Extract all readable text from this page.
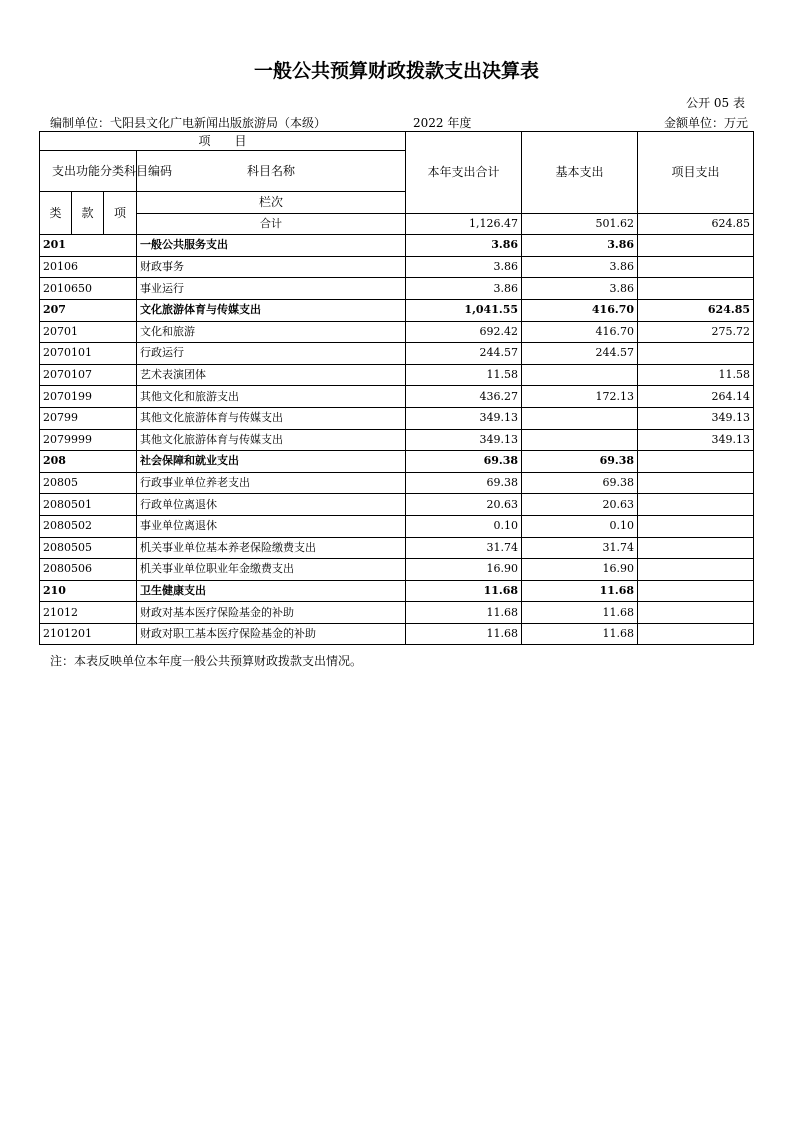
一般公共预算财政拨款支出决算表
公开 05 表
编制单位：弋阳县文化广电新闻出版旅游局（本级）	2022 年度	金额单位：万元
项　　目				本年支出合计	基本支出	项目支出	
支出功能分类科目编码			科目名称				
类	款	项	栏次			
			合计	1,126.47	501.62	624.85	
201			一般公共服务支出	3.86	3.86		
20106			财政事务	3.86	3.86		
2010650			事业运行	3.86	3.86		
207			文化旅游体育与传媒支出	1,041.55	416.70	624.85	
20701			文化和旅游	692.42	416.70	275.72	
2070101			行政运行	244.57	244.57		
2070107			艺术表演团体	11.58		11.58	
2070199			其他文化和旅游支出	436.27	172.13	264.14	
20799			其他文化旅游体育与传媒支出	349.13		349.13	
2079999			其他文化旅游体育与传媒支出	349.13		349.13	
208			社会保障和就业支出	69.38	69.38		
20805			行政事业单位养老支出	69.38	69.38		
2080501			行政单位离退休	20.63	20.63		
2080502			事业单位离退休	0.10	0.10		
2080505			机关事业单位基本养老保险缴费支出	31.74	31.74		
2080506			机关事业单位职业年金缴费支出	16.90	16.90		
210			卫生健康支出	11.68	11.68		
21012			财政对基本医疗保险基金的补助	11.68	11.68		
2101201			财政对职工基本医疗保险基金的补助	11.68	11.68		
注：本表反映单位本年度一般公共预算财政拨款支出情况。
